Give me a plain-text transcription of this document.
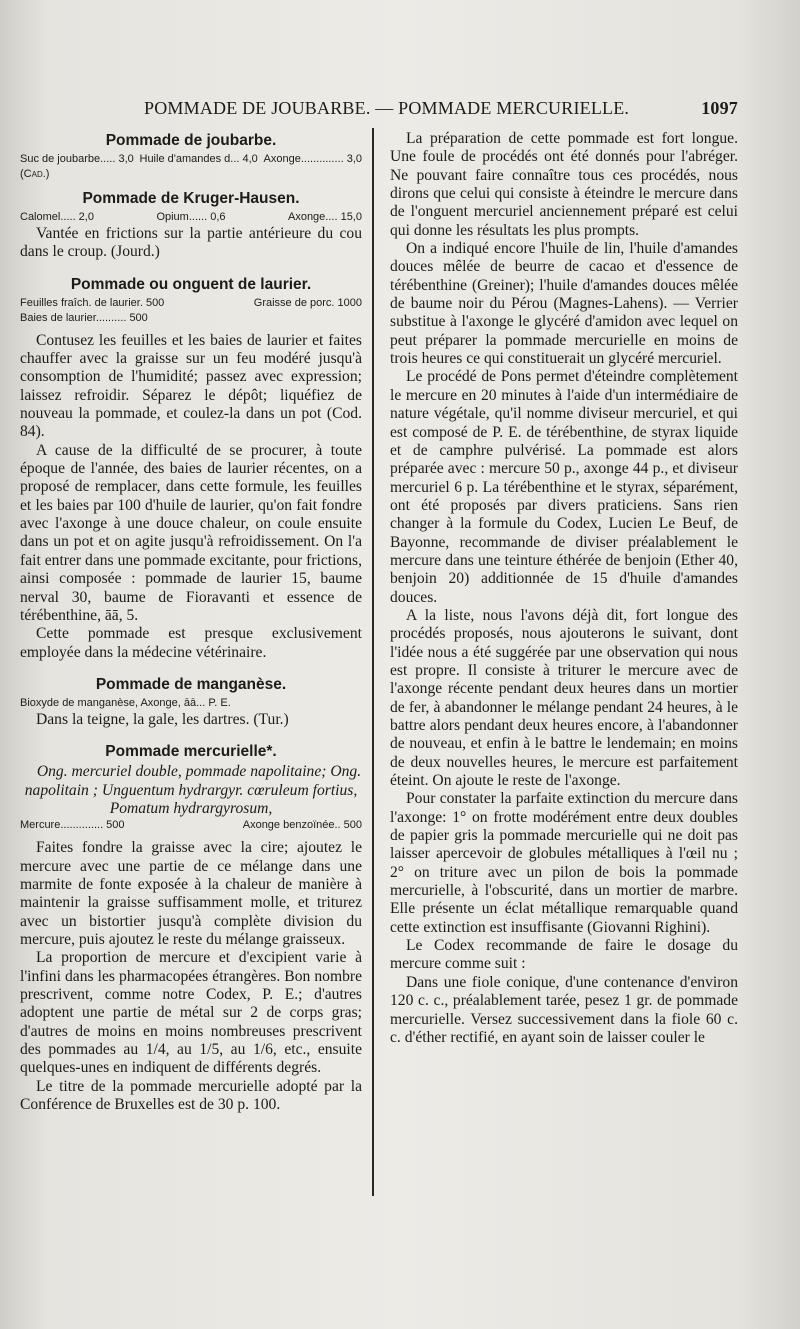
POMMADE DE JOUBARBE. — POMMADE MERCURIELLE.	1097
Pommade de joubarbe.
Suc de joubarbe..... 3,0 Huile d'amandes d... 4,0 Axonge.............. 3,0
(Cad.)
Pommade de Kruger-Hausen.
Calomel..... 2,0	Opium...... 0,6	Axonge.... 15,0

Vantée en frictions sur la partie antérieure du cou dans le croup. (Jourd.)

Pommade ou onguent de laurier.
Feuilles fraîch. de laurier. 500	Graisse de porc. 1000
Baies de laurier.......... 500

Contusez les feuilles et les baies de laurier et faites chauffer avec la graisse sur un feu modéré jusqu'à consomption de l'humidité; passez avec expression; laissez refroidir. Séparez le dépôt; liquéfiez de nouveau la pommade, et coulez-la dans un pot (Cod. 84).

A cause de la difficulté de se procurer, à toute époque de l'année, des baies de laurier récentes, on a proposé de remplacer, dans cette formule, les feuilles et les baies par 100 d'huile de laurier, qu'on fait fondre avec l'axonge à une douce chaleur, on coule ensuite dans un pot et on agite jusqu'à refroidissement. On l'a fait entrer dans une pommade excitante, pour frictions, ainsi composée : pommade de laurier 15, baume nerval 30, baume de Fioravanti et essence de térébenthine, āā, 5.

Cette pommade est presque exclusivement employée dans la médecine vétérinaire.

Pommade de manganèse.
Bioxyde de manganèse, Axonge, āā... P. E.

Dans la teigne, la gale, les dartres. (Tur.)

Pommade mercurielle*.

Ong. mercuriel double, pommade napolitaine; Ong. napolitain ; Unguentum hydrargyr. cœruleum fortius, Pomatum hydrargyrosum,

Mercure.............. 500	Axonge benzoïnée.. 500

Faites fondre la graisse avec la cire; ajoutez le mercure avec une partie de ce mélange dans une marmite de fonte exposée à la chaleur de manière à maintenir la graisse suffisamment molle, et triturez avec un bistortier jusqu'à complète division du mercure, puis ajoutez le reste du mélange graisseux.

La proportion de mercure et d'excipient varie à l'infini dans les pharmacopées étrangères. Bon nombre prescrivent, comme notre Codex, P. E.; d'autres adoptent une partie de métal sur 2 de corps gras; d'autres de moins en moins nombreuses prescrivent des pommades au 1/4, au 1/5, au 1/6, etc., ensuite quelques-unes en indiquent de différents degrés.

Le titre de la pommade mercurielle adopté par la Conférence de Bruxelles est de 30 p. 100.

La préparation de cette pommade est fort longue. Une foule de procédés ont été donnés pour l'abréger. Ne pouvant faire connaître tous ces procédés, nous dirons que celui qui consiste à éteindre le mercure dans de l'onguent mercuriel anciennement préparé est celui qui donne les résultats les plus prompts.

On a indiqué encore l'huile de lin, l'huile d'amandes douces mêlée de beurre de cacao et d'essence de térébenthine (Greiner); l'huile d'amandes douces mêlée de baume noir du Pérou (Magnes-Lahens). — Verrier substitue à l'axonge le glycéré d'amidon avec lequel on peut préparer la pommade mercurielle en moins de trois heures ce qui constituerait un glycéré mercuriel.

Le procédé de Pons permet d'éteindre complètement le mercure en 20 minutes à l'aide d'un intermédiaire de nature végétale, qu'il nomme diviseur mercuriel, et qui est composé de P. E. de térébenthine, de styrax liquide et de camphre pulvérisé. La pommade est alors préparée avec : mercure 50 p., axonge 44 p., et diviseur mercuriel 6 p. La térébenthine et le styrax, séparément, ont été proposés par divers praticiens. Sans rien changer à la formule du Codex, Lucien Le Beuf, de Bayonne, recommande de diviser préalablement le mercure dans une teinture éthérée de benjoin (Ether 40, benjoin 20) additionnée de 15 d'huile d'amandes douces.

A la liste, nous l'avons déjà dit, fort longue des procédés proposés, nous ajouterons le suivant, dont l'idée nous a été suggérée par une observation qui nous est propre. Il consiste à triturer le mercure avec de l'axonge récente pendant deux heures dans un mortier de fer, à abandonner le mélange pendant 24 heures, à le battre alors pendant deux heures encore, à l'abandonner de nouveau, et enfin à le battre le lendemain; en moins de deux nouvelles heures, le mercure est parfaitement éteint. On ajoute le reste de l'axonge.

Pour constater la parfaite extinction du mercure dans l'axonge: 1° on frotte modérément entre deux doubles de papier gris la pommade mercurielle qui ne doit pas laisser apercevoir de globules métalliques à l'œil nu ; 2° on triture avec un pilon de bois la pommade mercurielle, à l'obscurité, dans un mortier de marbre. Elle présente un éclat métallique remarquable quand cette extinction est insuffisante (Giovanni Righini).

Le Codex recommande de faire le dosage du mercure comme suit :

Dans une fiole conique, d'une contenance d'environ 120 c. c., préalablement tarée, pesez 1 gr. de pommade mercurielle. Versez successivement dans la fiole 60 c. c. d'éther rectifié, en ayant soin de laisser couler le
